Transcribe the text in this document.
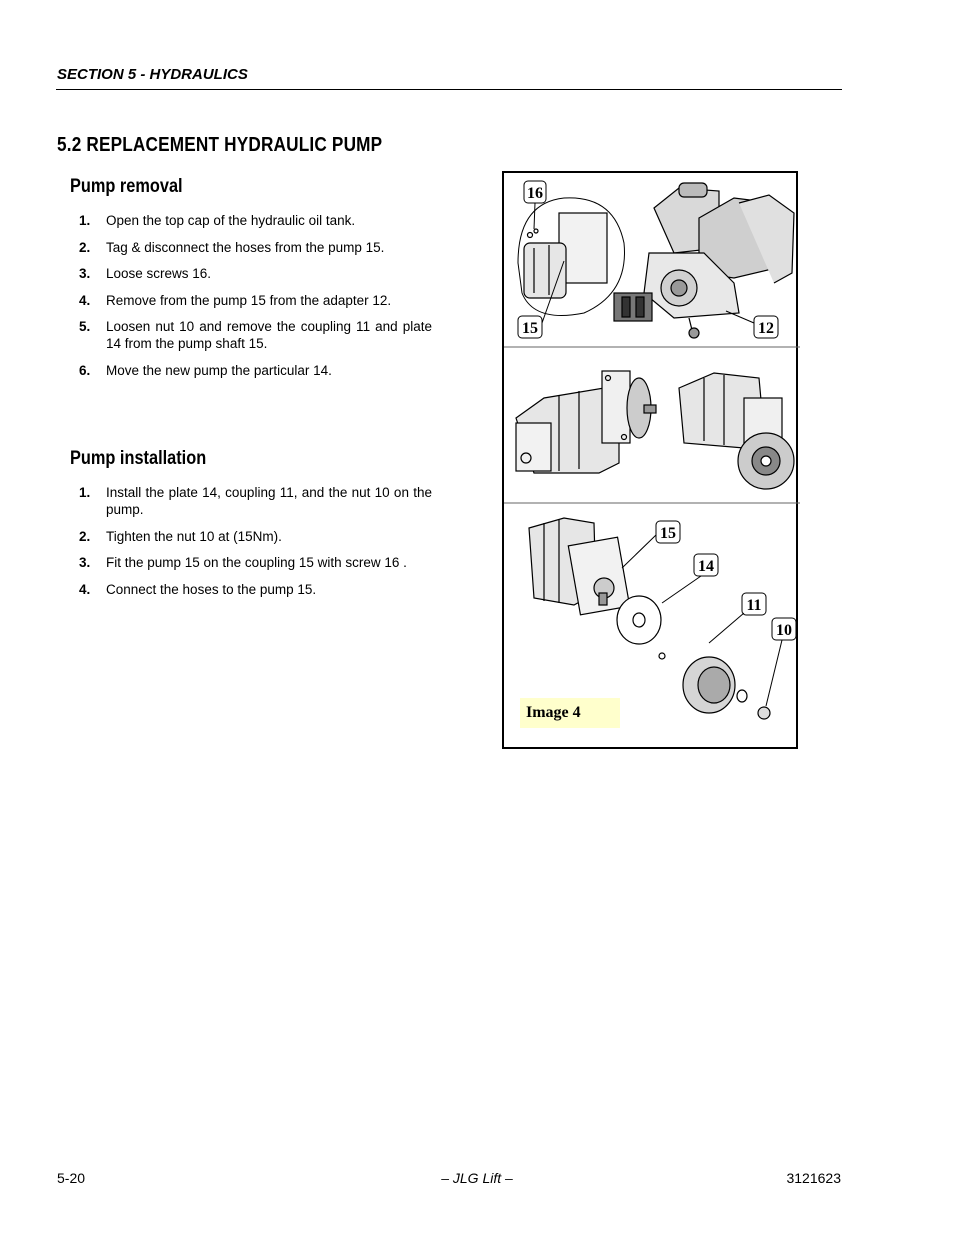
SECTION 5 - HYDRAULICS
5.2 REPLACEMENT HYDRAULIC PUMP
Pump removal
1. Open the top cap of the hydraulic oil tank.
2. Tag & disconnect the hoses from the pump 15.
3. Loose screws 16.
4. Remove from the pump 15 from the adapter 12.
5. Loosen nut 10 and remove the coupling 11 and plate 14 from the pump shaft 15.
6. Move the new pump the particular 14.
Pump installation
1. Install the plate 14, coupling 11, and the nut 10 on the pump.
2. Tighten the nut 10 at (15Nm).
3. Fit the pump 15 on the coupling 15 with screw 16 .
4. Connect the hoses to the pump 15.
16
15	12
15
14
11
10
Image 4
5-20	– JLG Lift –	3121623
